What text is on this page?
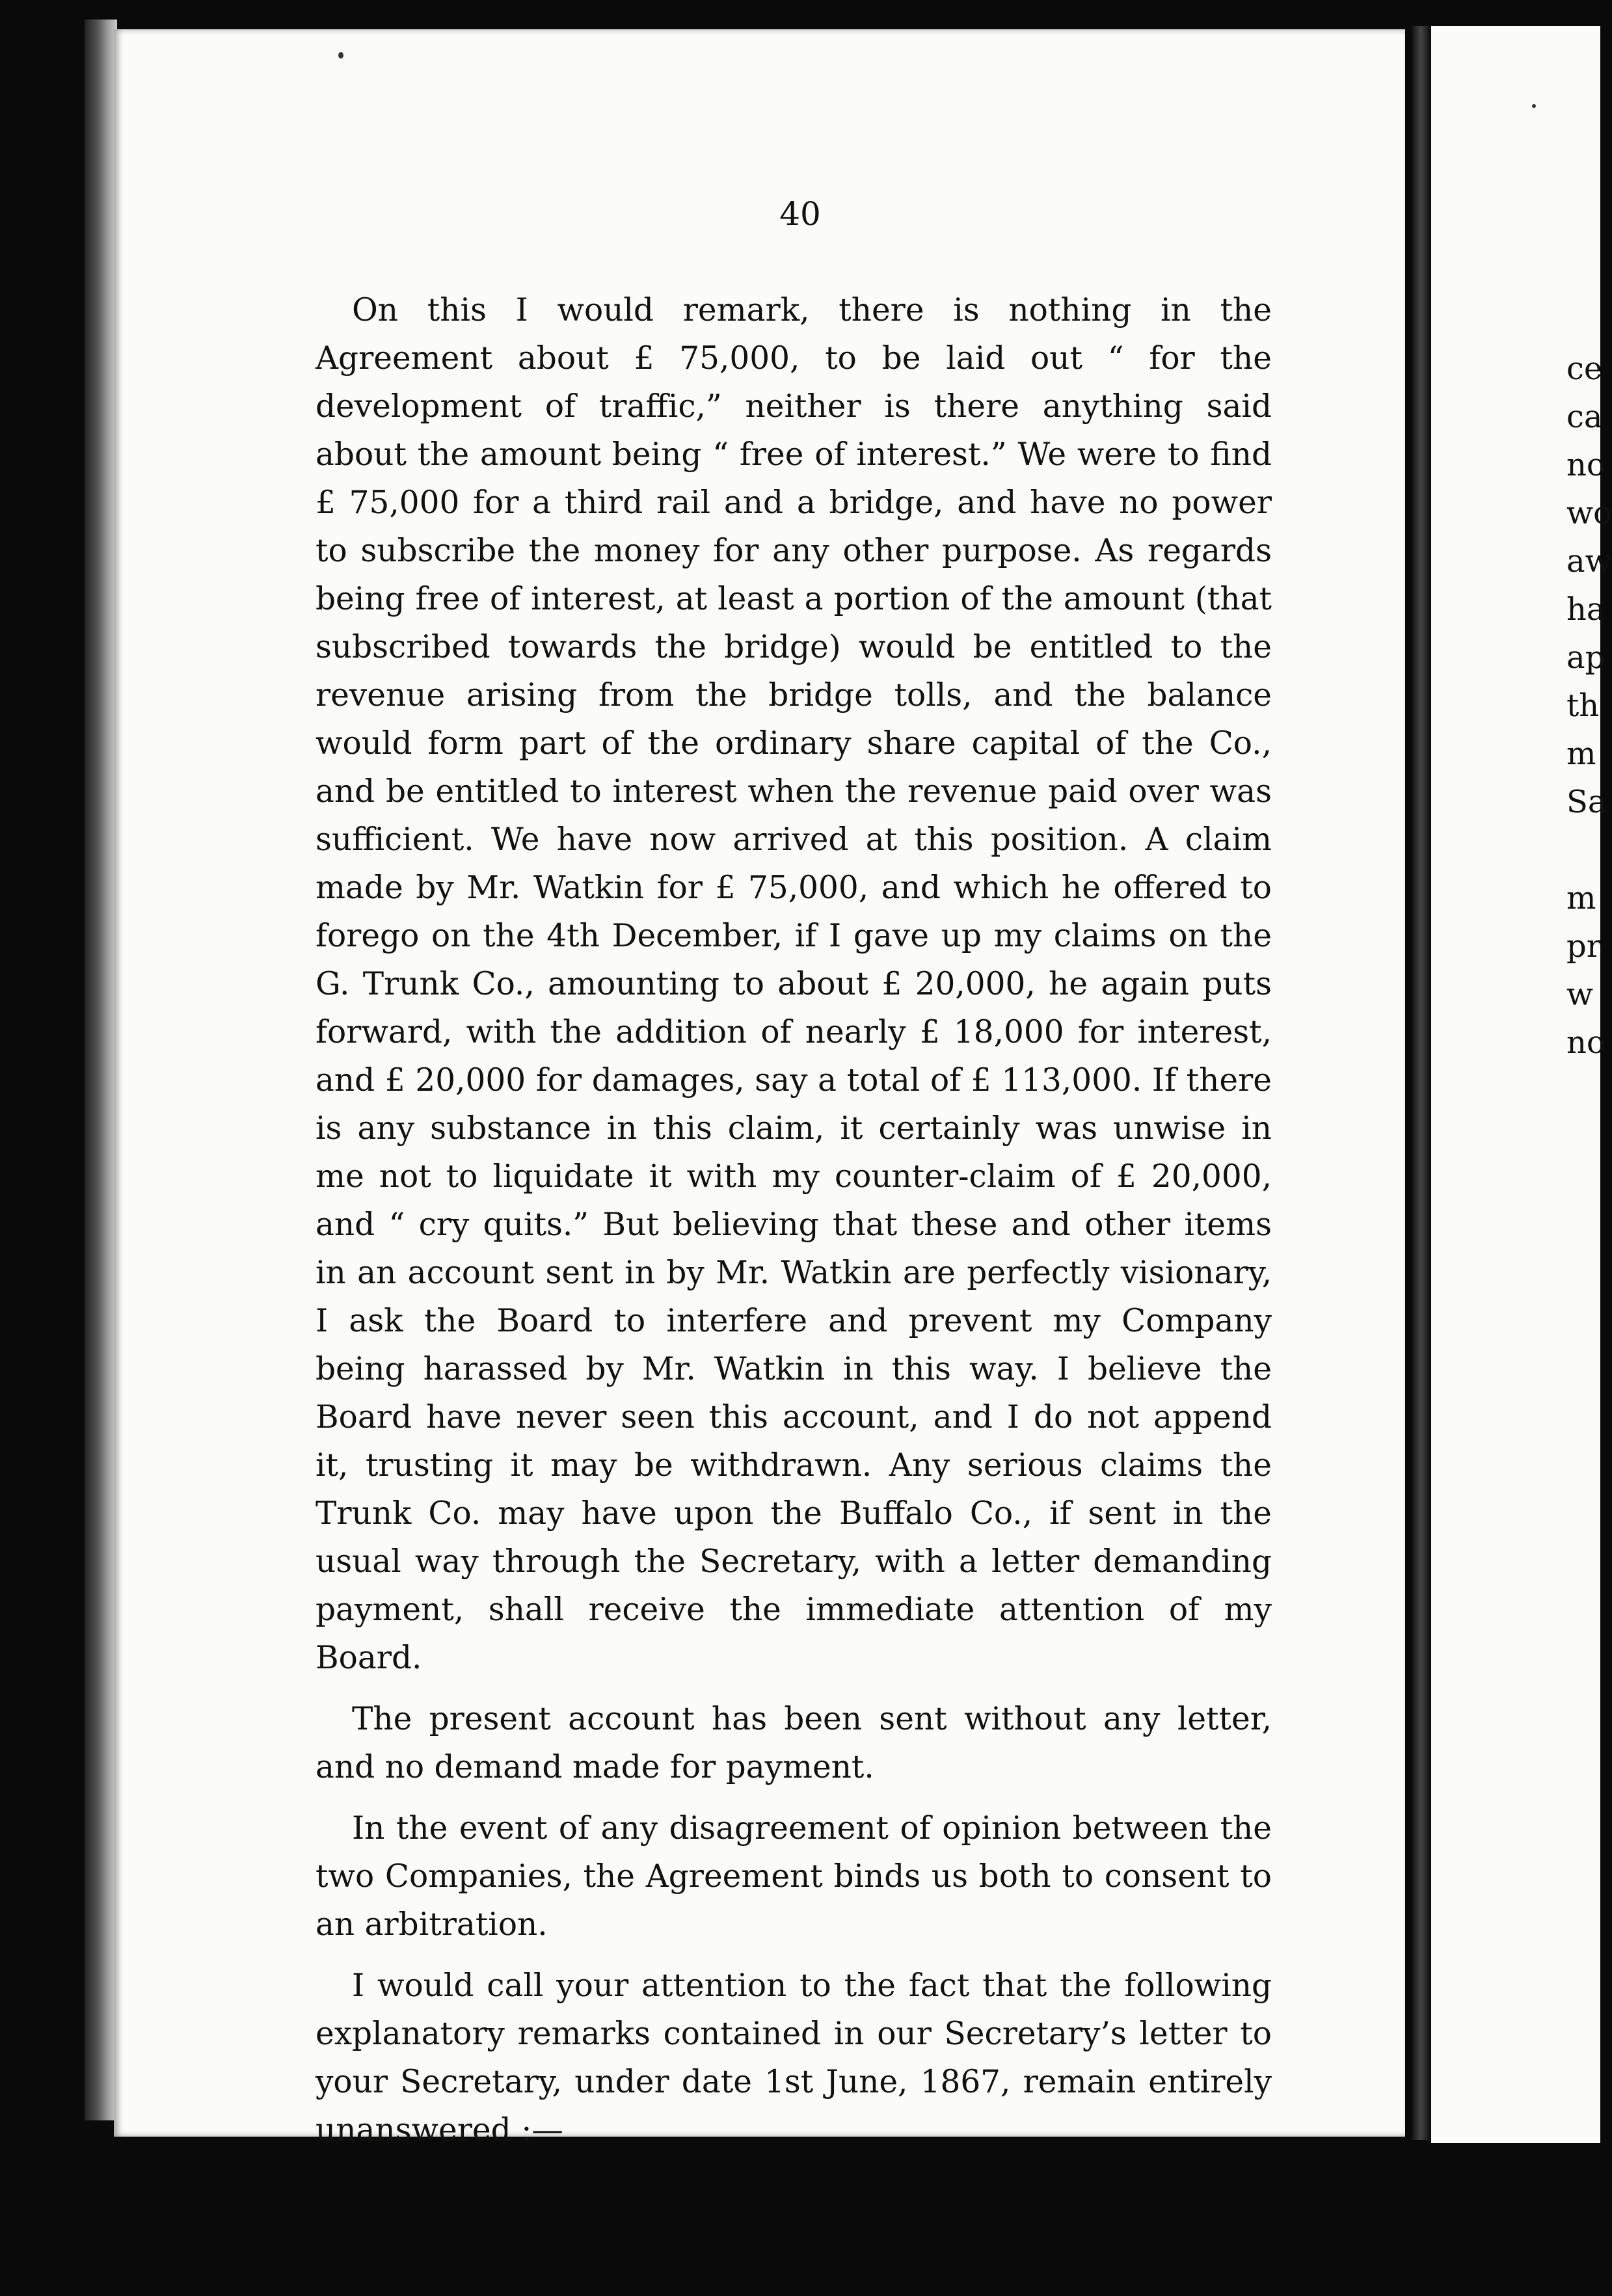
40

On this I would remark, there is nothing in the Agreement about £ 75,000, to be laid out “ for the development of traffic,” neither is there anything said about the amount being “ free of interest.” We were to find £ 75,000 for a third rail and a bridge, and have no power to subscribe the money for any other purpose. As regards being free of interest, at least a portion of the amount (that subscribed towards the bridge) would be entitled to the revenue arising from the bridge tolls, and the balance would form part of the ordinary share capital of the Co., and be entitled to interest when the revenue paid over was sufficient. We have now arrived at this position. A claim made by Mr. Watkin for £ 75,000, and which he offered to forego on the 4th December, if I gave up my claims on the G. Trunk Co., amounting to about £ 20,000, he again puts forward, with the addition of nearly £ 18,000 for interest, and £ 20,000 for damages, say a total of £ 113,000. If there is any substance in this claim, it certainly was unwise in me not to liquidate it with my counter-claim of £ 20,000, and “ cry quits.” But believing that these and other items in an account sent in by Mr. Watkin are perfectly visionary, I ask the Board to interfere and prevent my Company being harassed by Mr. Watkin in this way. I believe the Board have never seen this account, and I do not append it, trusting it may be withdrawn. Any serious claims the Trunk Co. may have upon the Buffalo Co., if sent in the usual way through the Secretary, with a letter demanding payment, shall receive the immediate attention of my Board.

The present account has been sent without any letter, and no demand made for payment.

In the event of any disagreement of opinion between the two Companies, the Agreement binds us both to consent to an arbitration.

I would call your attention to the fact that the following explanatory remarks contained in our Secretary’s letter to your Secretary, under date 1st June, 1867, remain entirely unanswered :—

ce
ca
no
wo
aw
ha
ap
th
m
Sa
m
pr
w
no
